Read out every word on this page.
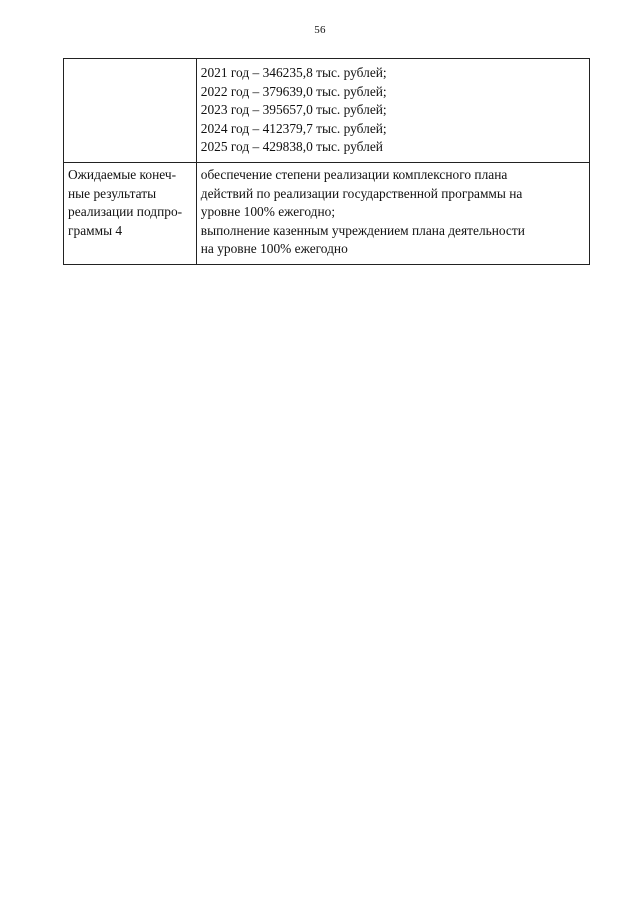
56

	2021 год – 346235,8 тыс. рублей;
2022 год – 379639,0 тыс. рублей;
2023 год – 395657,0 тыс. рублей;
2024 год – 412379,7 тыс. рублей;
2025 год – 429838,0 тыс. рублей

Ожидаемые конеч-
ные результаты
реализации подпро-
граммы 4	обеспечение степени реализации комплексного плана
действий по реализации государственной программы на
уровне 100% ежегодно;
выполнение казенным учреждением плана деятельности
на уровне 100% ежегодно
